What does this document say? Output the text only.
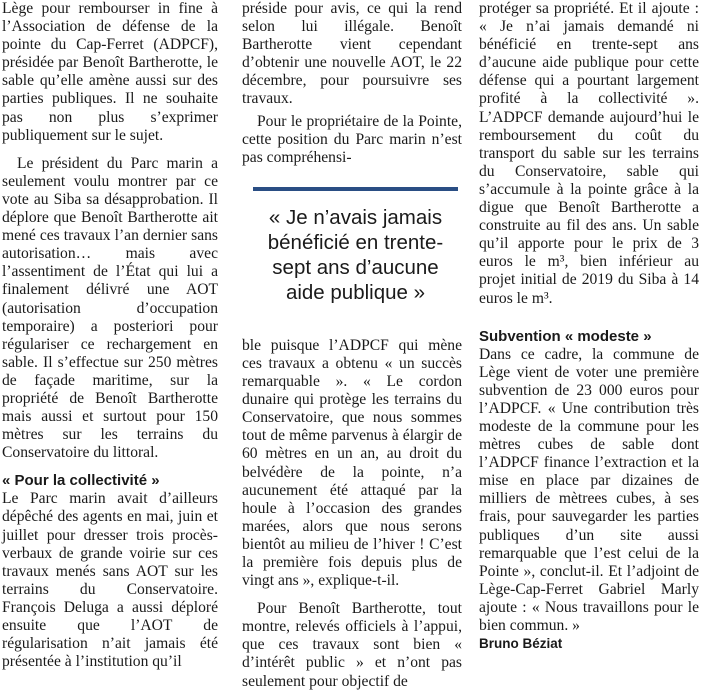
Lège pour rembourser in fine à l’Association de défense de la pointe du Cap-Ferret (ADPCF), présidée par Benoît Bartherotte, le sable qu’elle amène aussi sur des parties publiques. Il ne souhaite pas non plus s’exprimer publiquement sur le sujet.

Le président du Parc marin a seulement voulu montrer par ce vote au Siba sa désapprobation. Il déplore que Benoît Bartherotte ait mené ces travaux l’an dernier sans autorisation… mais avec l’assentiment de l’État qui lui a finalement délivré une AOT (autorisation d’occupation temporaire) a posteriori pour régulariser ce rechargement en sable. Il s’effectue sur 250 mètres de façade maritime, sur la propriété de Benoît Bartherotte mais aussi et surtout pour 150 mètres sur les terrains du Conservatoire du littoral.

« Pour la collectivité »

Le Parc marin avait d’ailleurs dépêché des agents en mai, juin et juillet pour dresser trois procès-verbaux de grande voirie sur ces travaux menés sans AOT sur les terrains du Conservatoire. François Deluga a aussi déploré ensuite que l’AOT de régularisation n’ait jamais été présentée à l’institution qu’il

préside pour avis, ce qui la rend selon lui illégale. Benoît Bartherotte vient cependant d’obtenir une nouvelle AOT, le 22 décembre, pour poursuivre ses travaux.

Pour le propriétaire de la Pointe, cette position du Parc marin n’est pas compréhensi-

ble puisque l’ADPCF qui mène ces travaux a obtenu « un succès remarquable ». « Le cordon dunaire qui protège les terrains du Conservatoire, que nous sommes tout de même parvenus à élargir de 60 mètres en un an, au droit du belvédère de la pointe, n’a aucunement été attaqué par la houle à l’occasion des grandes marées, alors que nous serons bientôt au milieu de l’hiver ! C’est la première fois depuis plus de vingt ans », explique-t-il.

Pour Benoît Bartherotte, tout montre, relevés officiels à l’appui, que ces travaux sont bien « d’intérêt public » et n’ont pas seulement pour objectif de

« Je n’avais jamais bénéficié en trente-sept ans d’aucune aide publique »

protéger sa propriété. Et il ajoute : « Je n’ai jamais demandé ni bénéficié en trente-sept ans d’aucune aide publique pour cette défense qui a pourtant largement profité à la collectivité ». L’ADPCF demande aujourd’hui le remboursement du coût du transport du sable sur les terrains du Conservatoire, sable qui s’accumule à la pointe grâce à la digue que Benoît Bartherotte a construite au fil des ans. Un sable qu’il apporte pour le prix de 3 euros le m³, bien inférieur au projet initial de 2019 du Siba à 14 euros le m³.

Subvention « modeste »

Dans ce cadre, la commune de Lège vient de voter une première subvention de 23 000 euros pour l’ADPCF. « Une contribution très modeste de la commune pour les mètres cubes de sable dont l’ADPCF finance l’extraction et la mise en place par dizaines de milliers de mètrees cubes, à ses frais, pour sauvegarder les parties publiques d’un site aussi remarquable que l’est celui de la Pointe », conclut-il. Et l’adjoint de Lège-Cap-Ferret Gabriel Marly ajoute : « Nous travaillons pour le bien commun. »

Bruno Béziat
